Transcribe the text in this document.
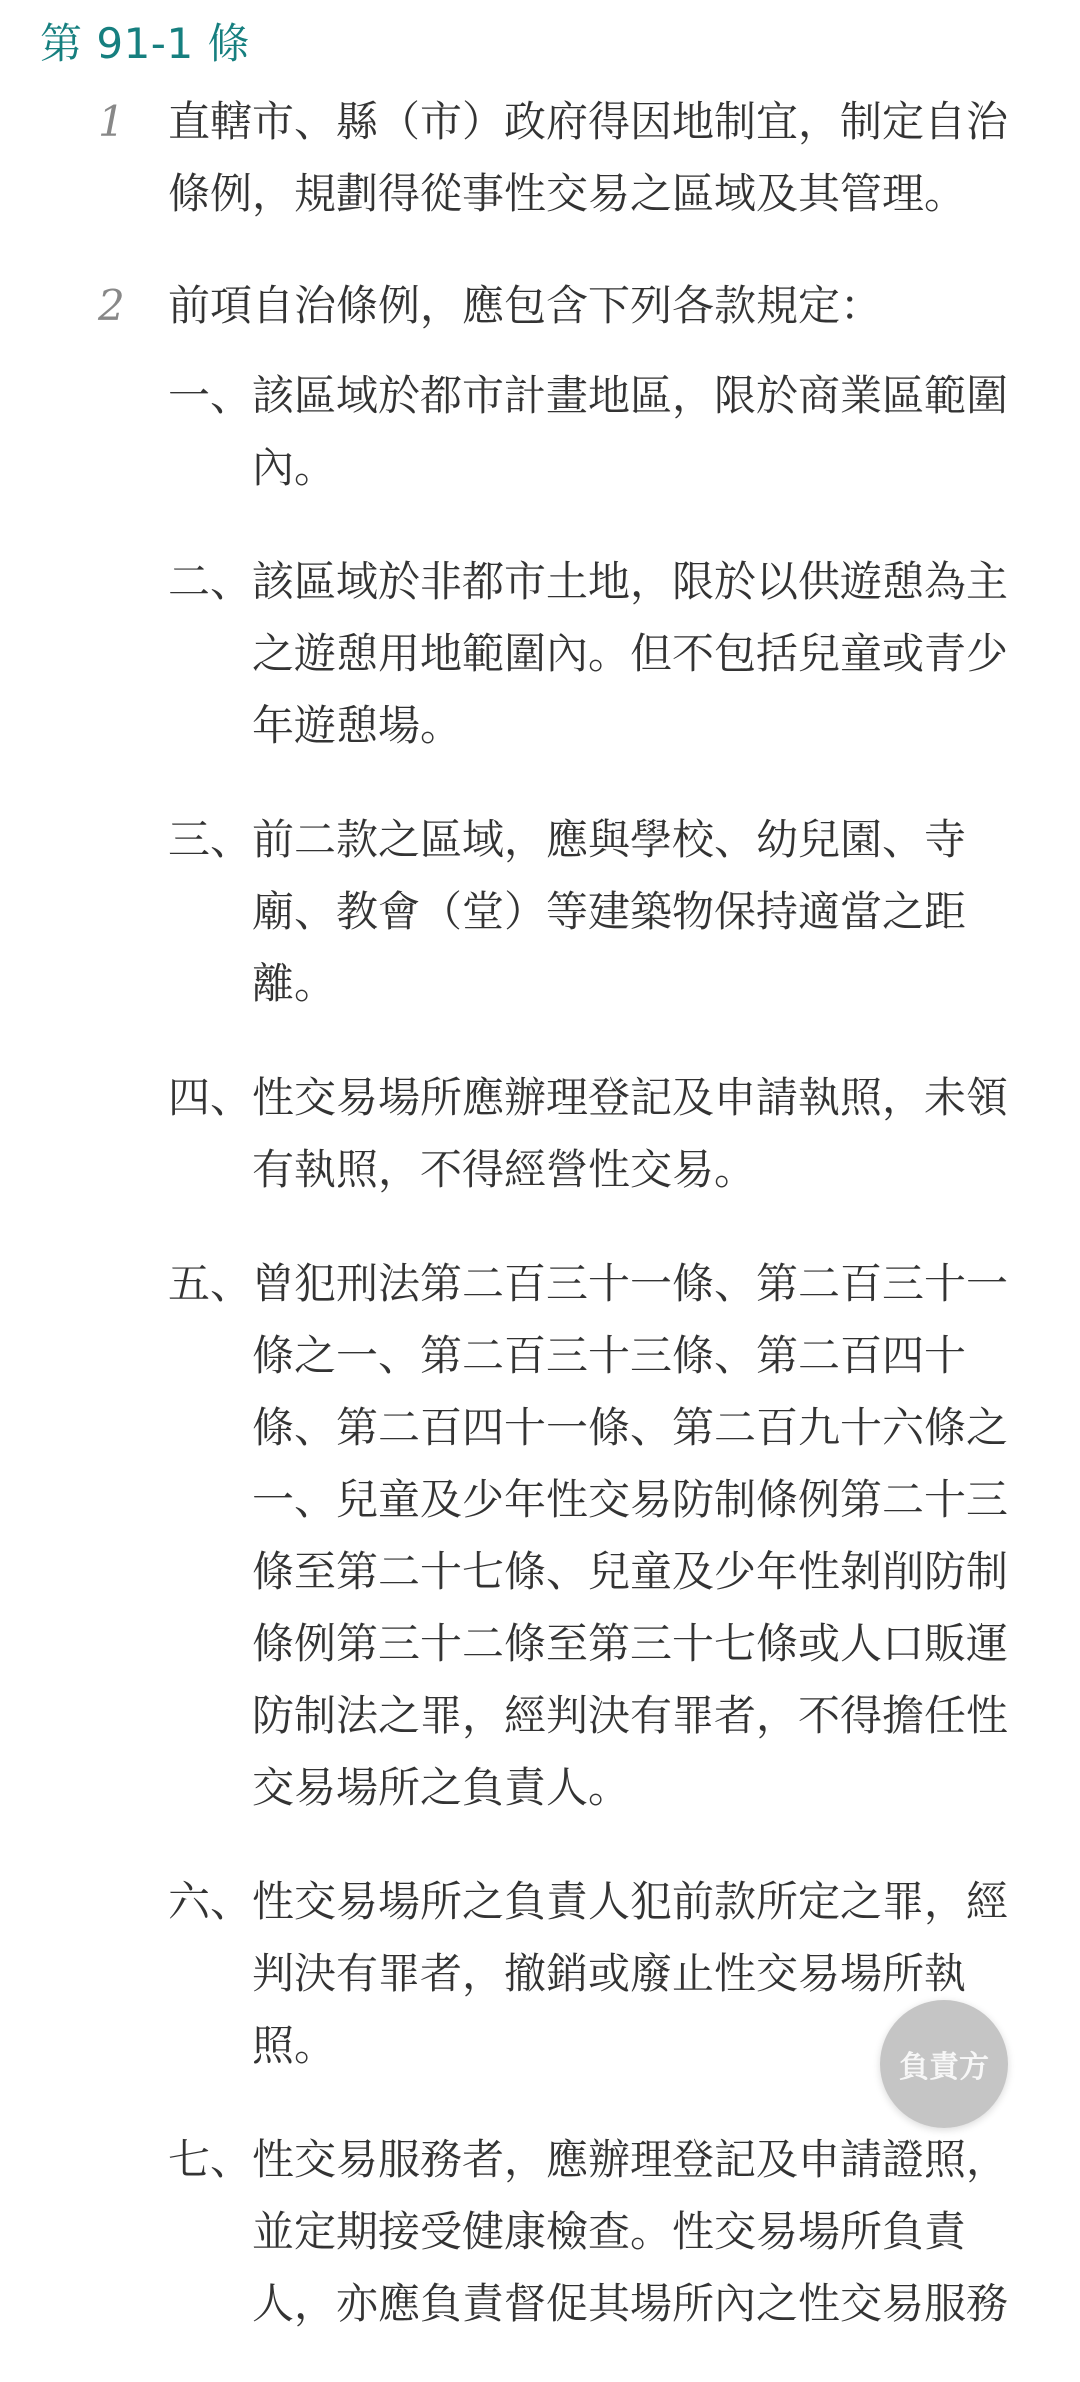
第 91-1 條
1 直轄市、縣（市）政府得因地制宜，制定自治條例，規劃得從事性交易之區域及其管理。
2 前項自治條例，應包含下列各款規定：
一、 該區域於都市計畫地區，限於商業區範圍內。
二、 該區域於非都市土地，限於以供遊憩為主之遊憩用地範圍內。但不包括兒童或青少年遊憩場。
三、 前二款之區域，應與學校、幼兒園、寺廟、教會（堂）等建築物保持適當之距離。
四、 性交易場所應辦理登記及申請執照，未領有執照，不得經營性交易。
五、 曾犯刑法第二百三十一條、第二百三十一條之一、第二百三十三條、第二百四十條、第二百四十一條、第二百九十六條之一、兒童及少年性交易防制條例第二十三條至第二十七條、兒童及少年性剝削防制條例第三十二條至第三十七條或人口販運防制法之罪，經判決有罪者，不得擔任性交易場所之負責人。
六、 性交易場所之負責人犯前款所定之罪，經判決有罪者，撤銷或廢止性交易場所執照。
七、 性交易服務者，應辦理登記及申請證照，並定期接受健康檢查。性交易場所負責人，亦應負責督促其場所內之性交易服務
負責方
